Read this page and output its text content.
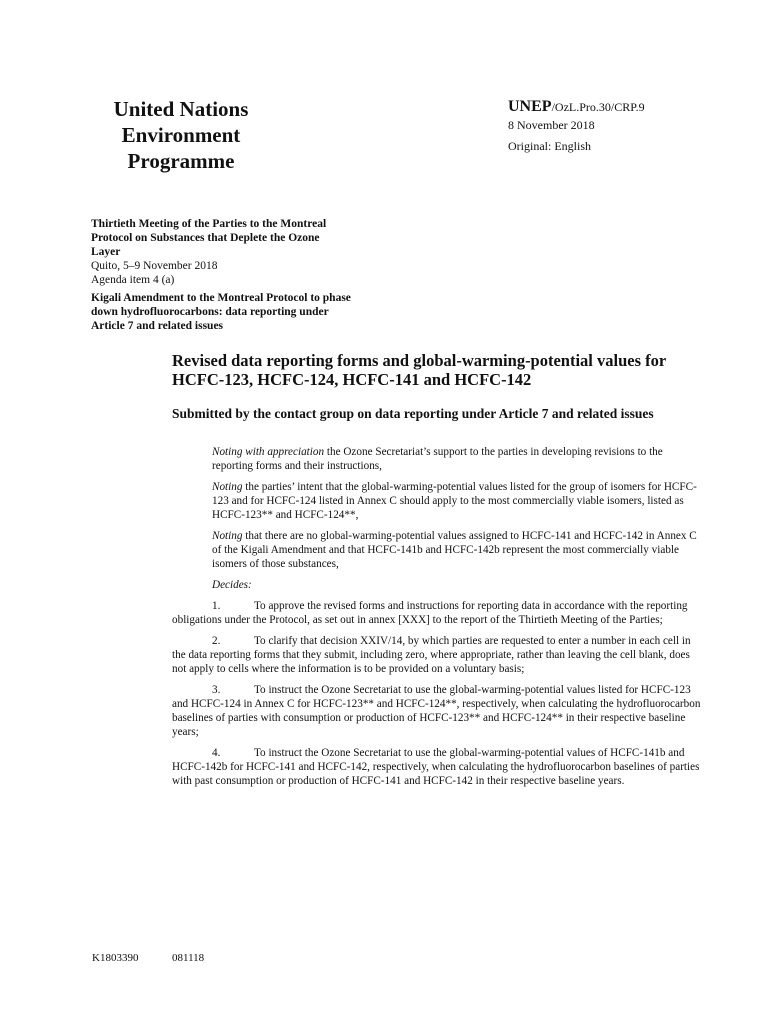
United Nations
Environment
Programme
UNEP/OzL.Pro.30/CRP.9
8 November 2018
Original: English
Thirtieth Meeting of the Parties to the Montreal Protocol on Substances that Deplete the Ozone Layer
Quito, 5–9 November 2018
Agenda item 4 (a)
Kigali Amendment to the Montreal Protocol to phase down hydrofluorocarbons: data reporting under Article 7 and related issues
Revised data reporting forms and global-warming-potential values for HCFC-123, HCFC-124, HCFC-141 and HCFC-142
Submitted by the contact group on data reporting under Article 7 and related issues

Noting with appreciation the Ozone Secretariat’s support to the parties in developing revisions to the reporting forms and their instructions,

Noting the parties’ intent that the global-warming-potential values listed for the group of isomers for HCFC-123 and for HCFC-124 listed in Annex C should apply to the most commercially viable isomers, listed as HCFC-123** and HCFC-124**,

Noting that there are no global-warming-potential values assigned to HCFC-141 and HCFC-142 in Annex C of the Kigali Amendment and that HCFC-141b and HCFC-142b represent the most commercially viable isomers of those substances,

Decides:

1.	To approve the revised forms and instructions for reporting data in accordance with the reporting obligations under the Protocol, as set out in annex [XXX] to the report of the Thirtieth Meeting of the Parties;

2.	To clarify that decision XXIV/14, by which parties are requested to enter a number in each cell in the data reporting forms that they submit, including zero, where appropriate, rather than leaving the cell blank, does not apply to cells where the information is to be provided on a voluntary basis;

3.	To instruct the Ozone Secretariat to use the global-warming-potential values listed for HCFC-123 and HCFC-124 in Annex C for HCFC-123** and HCFC-124**, respectively, when calculating the hydrofluorocarbon baselines of parties with consumption or production of HCFC-123** and HCFC-124** in their respective baseline years;

4.	To instruct the Ozone Secretariat to use the global-warming-potential values of HCFC-141b and HCFC-142b for HCFC-141 and HCFC-142, respectively, when calculating the hydrofluorocarbon baselines of parties with past consumption or production of HCFC-141 and HCFC-142 in their respective baseline years.

K1803390	081118
